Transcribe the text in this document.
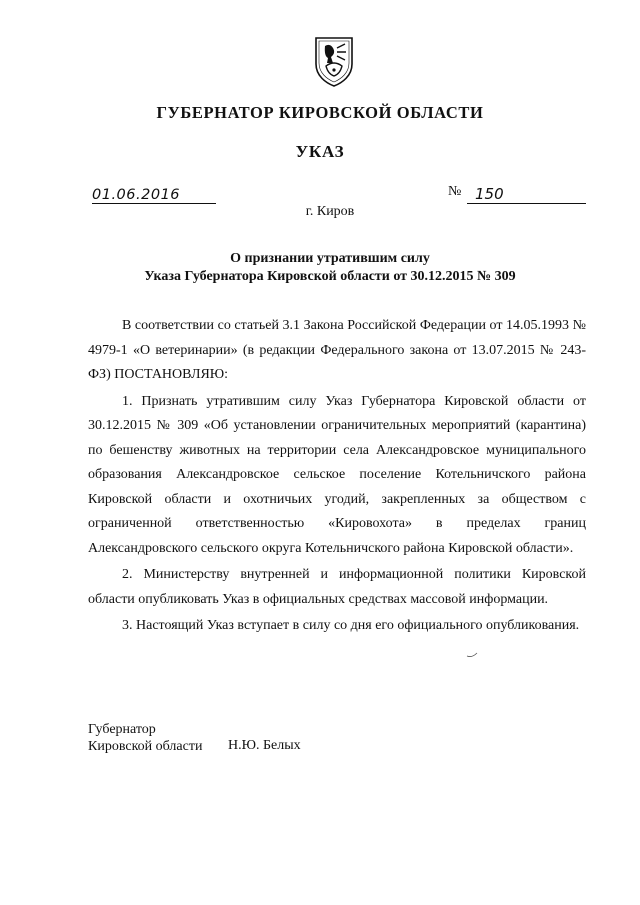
ГУБЕРНАТОР КИРОВСКОЙ ОБЛАСТИ
УКАЗ
01.06.2016	№ 150
г. Киров
О признании утратившим силу
Указа Губернатора Кировской области от 30.12.2015 № 309

В соответствии со статьей 3.1 Закона Российской Федерации от 14.05.1993 № 4979-1 «О ветеринарии» (в редакции Федерального закона от 13.07.2015 № 243-ФЗ) ПОСТАНОВЛЯЮ:

1. Признать утратившим силу Указ Губернатора Кировской области от 30.12.2015 № 309 «Об установлении ограничительных мероприятий (карантина) по бешенству животных на территории села Александровское муниципального образования Александровское сельское поселение Котельничского района Кировской области и охотничьих угодий, закрепленных за обществом с ограниченной ответственностью «Кировохота» в пределах границ Александровского сельского округа Котельничского района Кировской области».

2. Министерству внутренней и информационной политики Кировской области опубликовать Указ в официальных средствах массовой информации.

3. Настоящий Указ вступает в силу со дня его официального опубликования.

Губернатор
Кировской области Н.Ю. Белых
